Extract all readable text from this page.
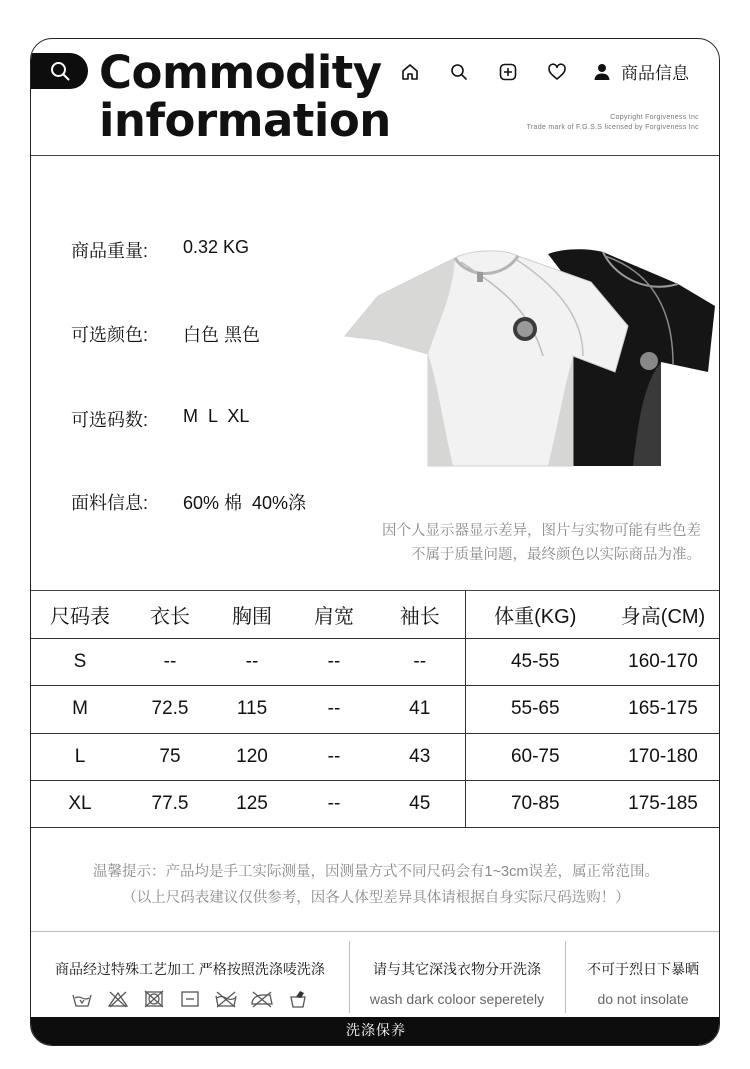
Commodity
information
商品信息
Copyright Forgiveness Inc
Trade mark of F.G.S.S licensed by Forgiveness Inc
商品重量:	0.32 KG
可选颜色:	白色 黑色
可选码数:	M  L  XL
面料信息:	60% 棉  40%涤
因个人显示器显示差异，图片与实物可能有些色差
不属于质量问题，最终颜色以实际商品为准。
尺码表	衣长	胸围	肩宽	袖长	体重(KG)	身高(CM)
S	--	--	--	--	45-55	160-170
M	72.5	115	--	41	55-65	165-175
L	75	120	--	43	60-75	170-180
XL	77.5	125	--	45	70-85	175-185
温馨提示：产品均是手工实际测量，因测量方式不同尺码会有1~3cm误差，属正常范围。
（以上尺码表建议仅供参考，因各人体型差异具体请根据自身实际尺码选购！）
商品经过特殊工艺加工 严格按照洗涤唛洗涤	请与其它深浅衣物分开洗涤
wash dark coloor seperetely
不可于烈日下暴晒
do not insolate
洗涤保养
